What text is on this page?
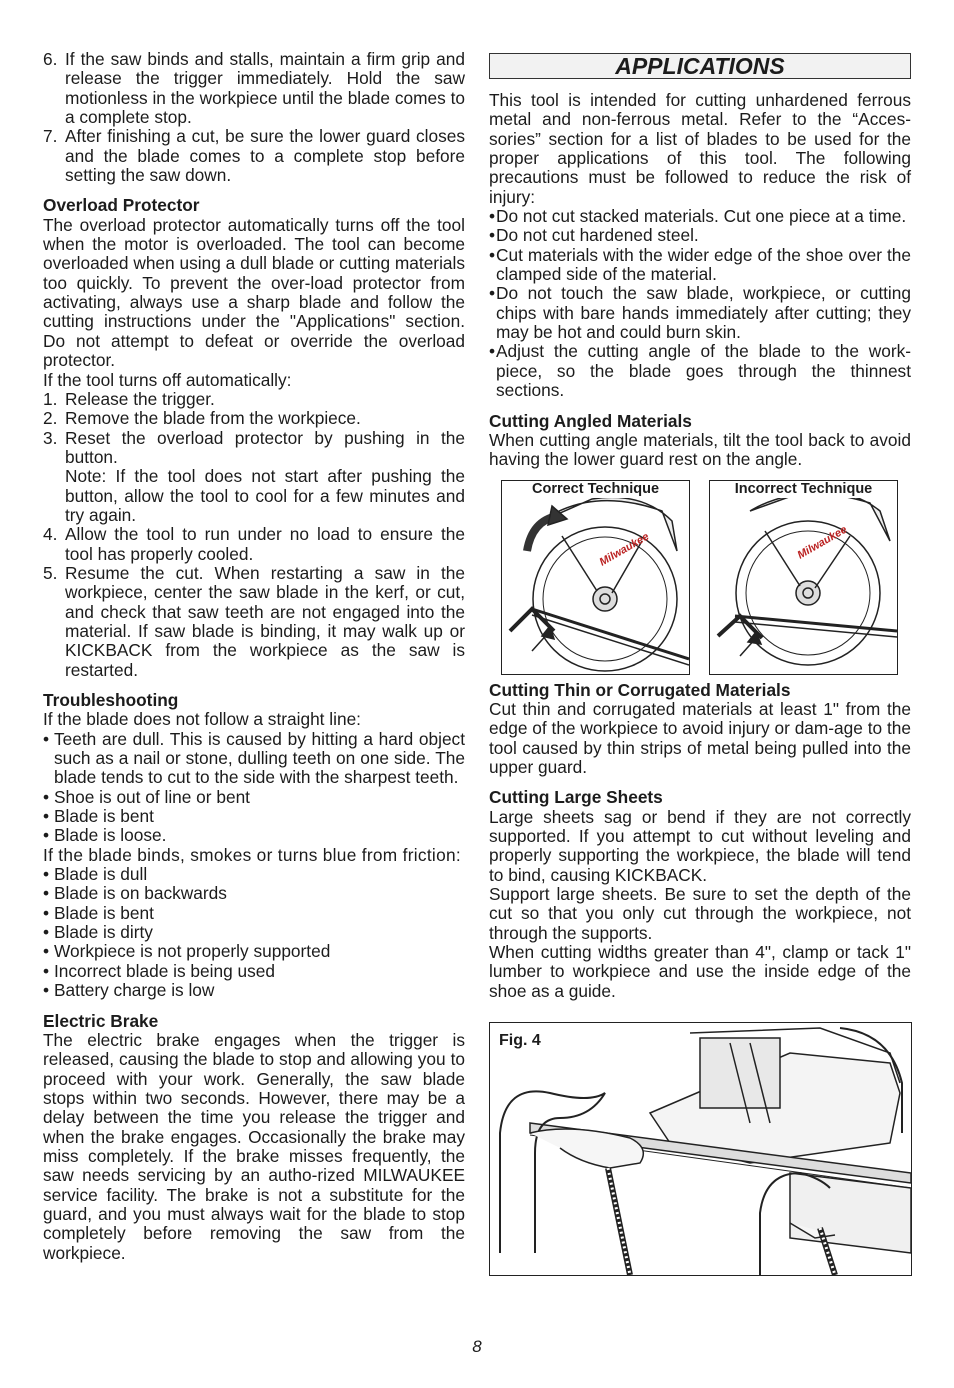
6. If the saw binds and stalls, maintain a firm grip and release the trigger immediately. Hold the saw motionless in the workpiece until the blade comes to a complete stop.
7. After finishing a cut, be sure the lower guard closes and the blade comes to a complete stop before setting the saw down.

Overload Protector

The overload protector automatically turns off the tool when the motor is overloaded. The tool can become overloaded when using a dull blade or cutting materials too quickly. To prevent the over-load protector from activating, always use a sharp blade and follow the cutting instructions under the "Applications" section. Do not attempt to defeat or override the overload protector.

If the tool turns off automatically:

1. Release the trigger.
2. Remove the blade from the workpiece.
3. Reset the overload protector by pushing in the button.
Note: If the tool does not start after pushing the button, allow the tool to cool for a few minutes and try again.
4. Allow the tool to run under no load to ensure the tool has properly cooled.
5. Resume the cut. When restarting a saw in the workpiece, center the saw blade in the kerf, or cut, and check that saw teeth are not engaged into the material. If saw blade is binding, it may walk up or KICKBACK from the workpiece as the saw is restarted.

Troubleshooting

If the blade does not follow a straight line:

• Teeth are dull. This is caused by hitting a hard object such as a nail or stone, dulling teeth on one side. The blade tends to cut to the side with the sharpest teeth.
• Shoe is out of line or bent
• Blade is bent
• Blade is loose.

If the blade binds, smokes or turns blue from friction:

• Blade is dull
• Blade is on backwards
• Blade is bent
• Blade is dirty
• Workpiece is not properly supported
• Incorrect blade is being used
• Battery charge is low

Electric Brake

The electric brake engages when the trigger is released, causing the blade to stop and allowing you to proceed with your work. Generally, the saw blade stops within two seconds. However, there may be a delay between the time you release the trigger and when the brake engages. Occasionally the brake may miss completely. If the brake misses frequently, the saw needs servicing by an autho-rized MILWAUKEE service facility. The brake is not a substitute for the guard, and you must always wait for the blade to stop completely before removing the saw from the workpiece.

APPLICATIONS

This tool is intended for cutting unhardened ferrous metal and non-ferrous metal. Refer to the “Acces-sories” section for a list of blades to be used for the proper applications of this tool. The following precautions must be followed to reduce the risk of injury:

• Do not cut stacked materials. Cut one piece at a time.
• Do not cut hardened steel.
• Cut materials with the wider edge of the shoe over the clamped side of the material.
• Do not touch the saw blade, workpiece, or cutting chips with bare hands immediately after cutting; they may be hot and could burn skin.
• Adjust the cutting angle of the blade to the work-piece, so the blade goes through the thinnest sections.

Cutting Angled Materials

When cutting angle materials, tilt the tool back to avoid having the lower guard rest on the angle.

Correct Technique
Milwaukee
Incorrect Technique
Milwaukee

Cutting Thin or Corrugated Materials

Cut thin and corrugated materials at least 1" from the edge of the workpiece to avoid injury or dam-age to the tool caused by thin strips of metal being pulled into the upper guard.

Cutting Large Sheets

Large sheets sag or bend if they are not correctly supported. If you attempt to cut without leveling and properly supporting the workpiece, the blade will tend to bind, causing KICKBACK.

Support large sheets. Be sure to set the depth of the cut so that you only cut through the workpiece, not through the supports.

When cutting widths greater than 4", clamp or tack 1" lumber to workpiece and use the inside edge of the shoe as a guide.

Fig. 4
8
